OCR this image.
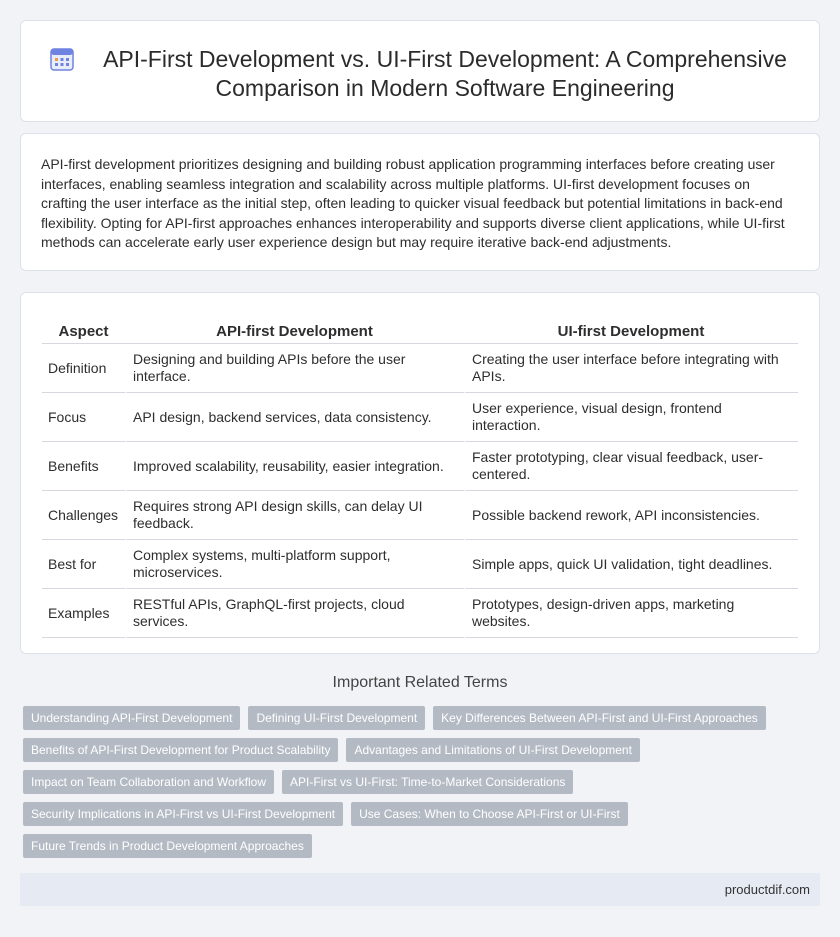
API-First Development vs. UI-First Development: A Comprehensive Comparison in Modern Software Engineering

API-first development prioritizes designing and building robust application programming interfaces before creating user interfaces, enabling seamless integration and scalability across multiple platforms. UI-first development focuses on crafting the user interface as the initial step, often leading to quicker visual feedback but potential limitations in back-end flexibility. Opting for API-first approaches enhances interoperability and supports diverse client applications, while UI-first methods can accelerate early user experience design but may require iterative back-end adjustments.

Aspect	API-first Development	UI-first Development
Definition	Designing and building APIs before the user interface.	Creating the user interface before integrating with APIs.
Focus	API design, backend services, data consistency.	User experience, visual design, frontend interaction.
Benefits	Improved scalability, reusability, easier integration.	Faster prototyping, clear visual feedback, user-centered.
Challenges	Requires strong API design skills, can delay UI feedback.	Possible backend rework, API inconsistencies.
Best for	Complex systems, multi-platform support, microservices.	Simple apps, quick UI validation, tight deadlines.
Examples	RESTful APIs, GraphQL-first projects, cloud services.	Prototypes, design-driven apps, marketing websites.
Important Related Terms
Understanding API-First Development	Defining UI-First Development	Key Differences Between API-First and UI-First Approaches
Benefits of API-First Development for Product Scalability	Advantages and Limitations of UI-First Development
Impact on Team Collaboration and Workflow	API-First vs UI-First: Time-to-Market Considerations
Security Implications in API-First vs UI-First Development	Use Cases: When to Choose API-First or UI-First
Future Trends in Product Development Approaches
productdif.com
